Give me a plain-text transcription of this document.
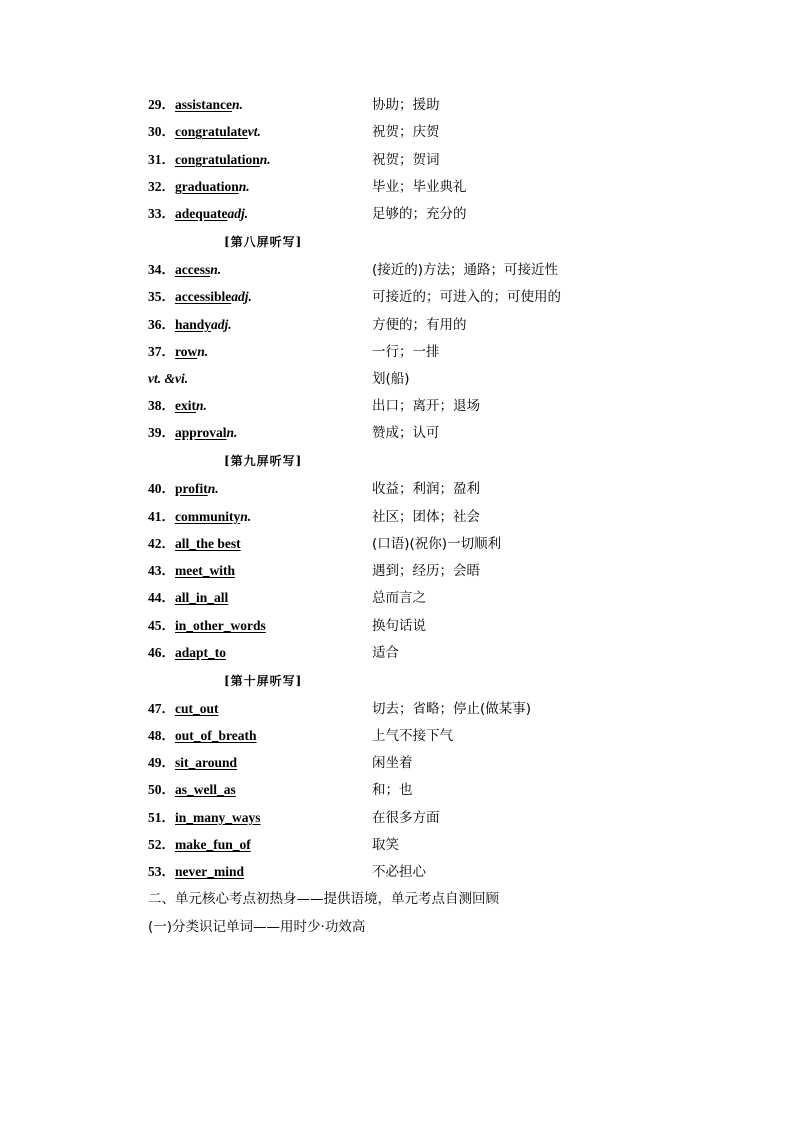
29． assistancen.	协助；援助
30． congratulatevt.	祝贺；庆贺
31． congratulationn.	祝贺；贺词
32． graduationn.	毕业；毕业典礼
33． adequateadj.	足够的；充分的
[第八屏听写]
34． accessn.	(接近的)方法；通路；可接近性
35． accessibleadj.	可接近的；可进入的；可使用的
36． handyadj.	方便的；有用的
37． rown.	一行；一排
vt. &vi.	划(船)
38． exitn.	出口；离开；退场
39． approvaln.	赞成；认可
[第九屏听写]
40． profitn.	收益；利润；盈利
41． communityn.	社区；团体；社会
42． all_the best	(口语)(祝你)一切顺利
43． meet_with	遇到；经历；会晤
44． all_in_all	总而言之
45． in_other_words	换句话说
46． adapt_to	适合
[第十屏听写]
47． cut_out	切去；省略；停止(做某事)
48． out_of_breath	上气不接下气
49． sit_around	闲坐着
50． as_well_as	和；也
51． in_many_ways	在很多方面
52． make_fun_of	取笑
53． never_mind	不必担心
二、单元核心考点初热身——提供语境，单元考点自测回顾
(一)分类识记单词——用时少·功效高
